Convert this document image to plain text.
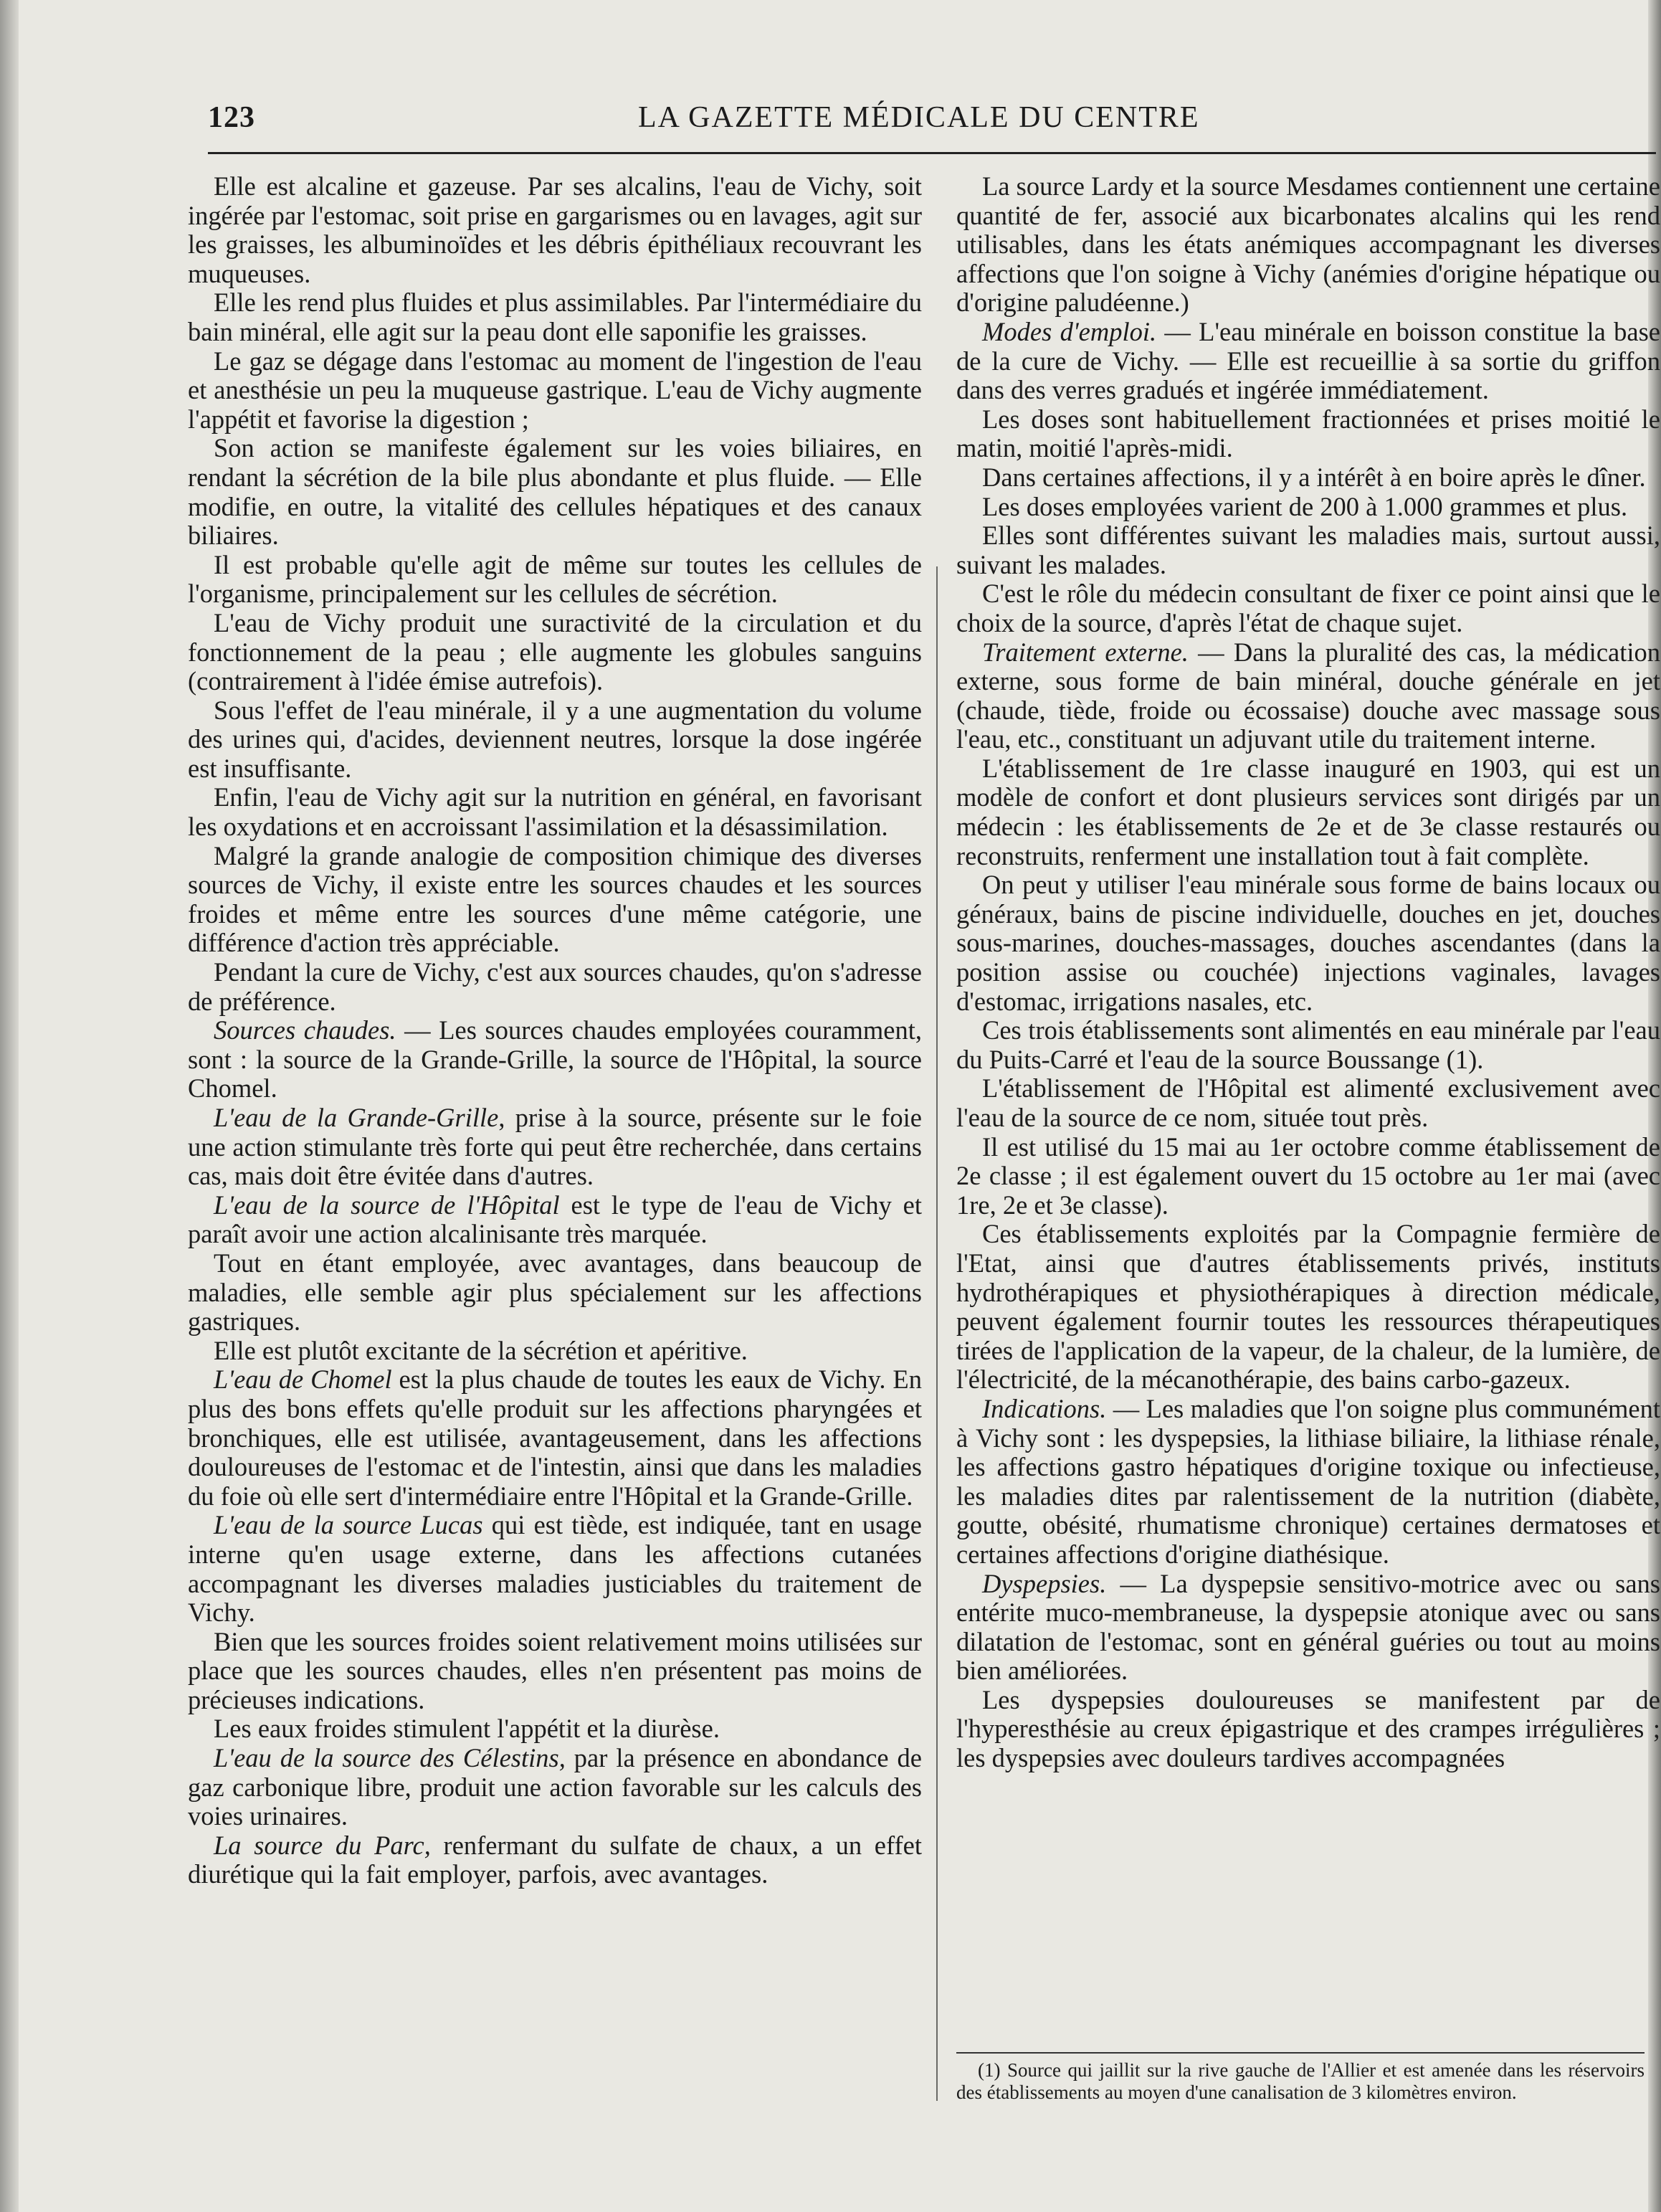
123	LA GAZETTE MÉDICALE DU CENTRE

Elle est alcaline et gazeuse. Par ses alcalins, l'eau de Vichy, soit ingérée par l'estomac, soit prise en gargarismes ou en lavages, agit sur les graisses, les albuminoïdes et les débris épithéliaux recouvrant les muqueuses.

Elle les rend plus fluides et plus assimilables. Par l'intermédiaire du bain minéral, elle agit sur la peau dont elle saponifie les graisses.

Le gaz se dégage dans l'estomac au moment de l'ingestion de l'eau et anesthésie un peu la muqueuse gastrique. L'eau de Vichy augmente l'appétit et favorise la digestion ;

Son action se manifeste également sur les voies biliaires, en rendant la sécrétion de la bile plus abondante et plus fluide. — Elle modifie, en outre, la vitalité des cellules hépatiques et des canaux biliaires.

Il est probable qu'elle agit de même sur toutes les cellules de l'organisme, principalement sur les cellules de sécrétion.

L'eau de Vichy produit une suractivité de la circulation et du fonctionnement de la peau ; elle augmente les globules sanguins (contrairement à l'idée émise autrefois).

Sous l'effet de l'eau minérale, il y a une augmentation du volume des urines qui, d'acides, deviennent neutres, lorsque la dose ingérée est insuffisante.

Enfin, l'eau de Vichy agit sur la nutrition en général, en favorisant les oxydations et en accroissant l'assimilation et la désassimilation.

Malgré la grande analogie de composition chimique des diverses sources de Vichy, il existe entre les sources chaudes et les sources froides et même entre les sources d'une même catégorie, une différence d'action très appréciable.

Pendant la cure de Vichy, c'est aux sources chaudes, qu'on s'adresse de préférence.

Sources chaudes. — Les sources chaudes employées couramment, sont : la source de la Grande-Grille, la source de l'Hôpital, la source Chomel.

L'eau de la Grande-Grille, prise à la source, présente sur le foie une action stimulante très forte qui peut être recherchée, dans certains cas, mais doit être évitée dans d'autres.

L'eau de la source de l'Hôpital est le type de l'eau de Vichy et paraît avoir une action alcalinisante très marquée.

Tout en étant employée, avec avantages, dans beaucoup de maladies, elle semble agir plus spécialement sur les affections gastriques.

Elle est plutôt excitante de la sécrétion et apéritive.

L'eau de Chomel est la plus chaude de toutes les eaux de Vichy. En plus des bons effets qu'elle produit sur les affections pharyngées et bronchiques, elle est utilisée, avantageusement, dans les affections douloureuses de l'estomac et de l'intestin, ainsi que dans les maladies du foie où elle sert d'intermédiaire entre l'Hôpital et la Grande-Grille.

L'eau de la source Lucas qui est tiède, est indiquée, tant en usage interne qu'en usage externe, dans les affections cutanées accompagnant les diverses maladies justiciables du traitement de Vichy.

Bien que les sources froides soient relativement moins utilisées sur place que les sources chaudes, elles n'en présentent pas moins de précieuses indications.

Les eaux froides stimulent l'appétit et la diurèse.

L'eau de la source des Célestins, par la présence en abondance de gaz carbonique libre, produit une action favorable sur les calculs des voies urinaires.

La source du Parc, renfermant du sulfate de chaux, a un effet diurétique qui la fait employer, parfois, avec avantages.

La source Lardy et la source Mesdames contiennent une certaine quantité de fer, associé aux bicarbonates alcalins qui les rend utilisables, dans les états anémiques accompagnant les diverses affections que l'on soigne à Vichy (anémies d'origine hépatique ou d'origine paludéenne.)

Modes d'emploi. — L'eau minérale en boisson constitue la base de la cure de Vichy. — Elle est recueillie à sa sortie du griffon dans des verres gradués et ingérée immédiatement.

Les doses sont habituellement fractionnées et prises moitié le matin, moitié l'après-midi.

Dans certaines affections, il y a intérêt à en boire après le dîner.

Les doses employées varient de 200 à 1.000 grammes et plus.

Elles sont différentes suivant les maladies mais, surtout aussi, suivant les malades.

C'est le rôle du médecin consultant de fixer ce point ainsi que le choix de la source, d'après l'état de chaque sujet.

Traitement externe. — Dans la pluralité des cas, la médication externe, sous forme de bain minéral, douche générale en jet (chaude, tiède, froide ou écossaise) douche avec massage sous l'eau, etc., constituant un adjuvant utile du traitement interne.

L'établissement de 1re classe inauguré en 1903, qui est un modèle de confort et dont plusieurs services sont dirigés par un médecin : les établissements de 2e et de 3e classe restaurés ou reconstruits, renferment une installation tout à fait complète.

On peut y utiliser l'eau minérale sous forme de bains locaux ou généraux, bains de piscine individuelle, douches en jet, douches sous-marines, douches-massages, douches ascendantes (dans la position assise ou couchée) injections vaginales, lavages d'estomac, irrigations nasales, etc.

Ces trois établissements sont alimentés en eau minérale par l'eau du Puits-Carré et l'eau de la source Boussange (1).

L'établissement de l'Hôpital est alimenté exclusivement avec l'eau de la source de ce nom, située tout près.

Il est utilisé du 15 mai au 1er octobre comme établissement de 2e classe ; il est également ouvert du 15 octobre au 1er mai (avec 1re, 2e et 3e classe).

Ces établissements exploités par la Compagnie fermière de l'Etat, ainsi que d'autres établissements privés, instituts hydrothérapiques et physiothérapiques à direction médicale, peuvent également fournir toutes les ressources thérapeutiques tirées de l'application de la vapeur, de la chaleur, de la lumière, de l'électricité, de la mécanothérapie, des bains carbo-gazeux.

Indications. — Les maladies que l'on soigne plus communément à Vichy sont : les dyspepsies, la lithiase biliaire, la lithiase rénale, les affections gastro hépatiques d'origine toxique ou infectieuse, les maladies dites par ralentissement de la nutrition (diabète, goutte, obésité, rhumatisme chronique) certaines dermatoses et certaines affections d'origine diathésique.

Dyspepsies. — La dyspepsie sensitivo-motrice avec ou sans entérite muco-membraneuse, la dyspepsie atonique avec ou sans dilatation de l'estomac, sont en général guéries ou tout au moins bien améliorées.

Les dyspepsies douloureuses se manifestent par de l'hyperesthésie au creux épigastrique et des crampes irrégulières ; les dyspepsies avec douleurs tardives accompagnées

(1) Source qui jaillit sur la rive gauche de l'Allier et est amenée dans les réservoirs des établissements au moyen d'une canalisation de 3 kilomètres environ.
